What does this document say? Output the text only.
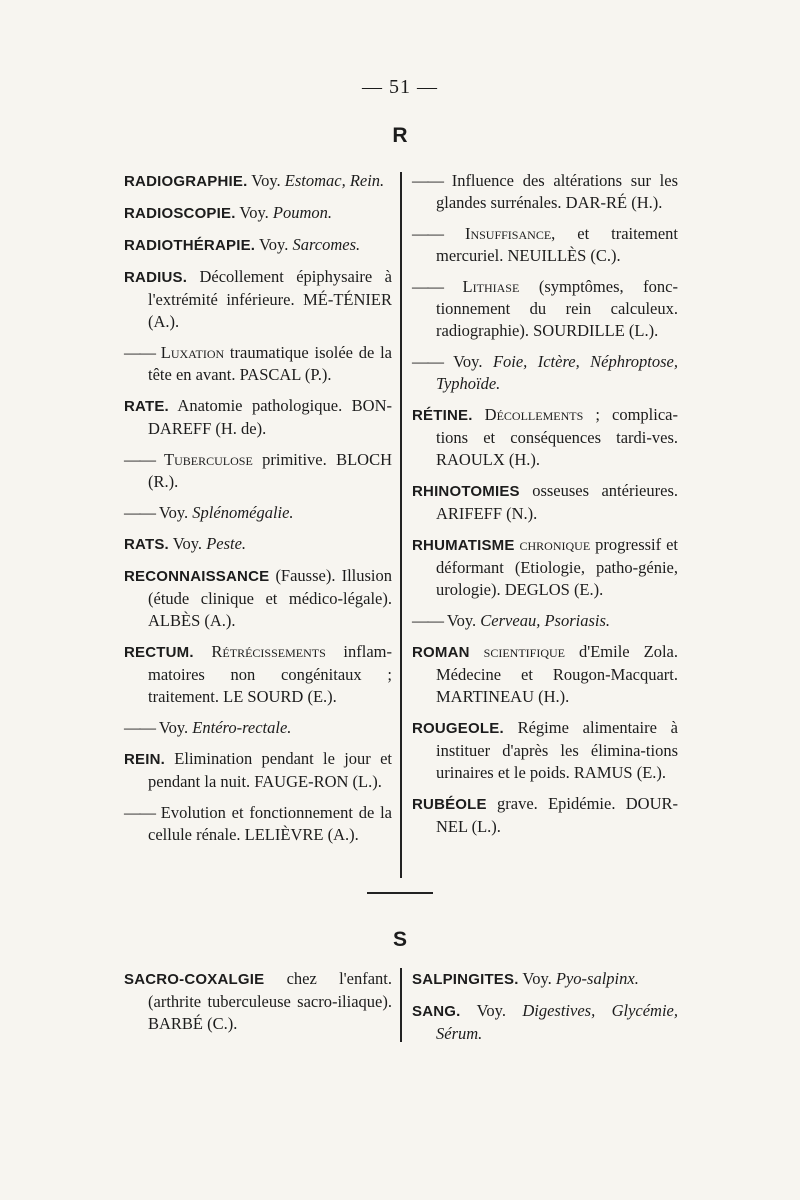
— 51 —
R
RADIOGRAPHIE. Voy. Estomac, Rein.
RADIOSCOPIE. Voy. Poumon.
RADIOTHÉRAPIE. Voy. Sarcomes.
RADIUS. Décollement épiphysaire à l'extrémité inférieure. MÉ-TÉNIER (A.).
—— Luxation traumatique isolée de la tête en avant. PASCAL (P.).
RATE. Anatomie pathologique. BON-DAREFF (H. de).
—— Tuberculose primitive. BLOCH (R.).
—— Voy. Splénomégalie.
RATS. Voy. Peste.
RECONNAISSANCE (Fausse). Illusion (étude clinique et médico-légale). ALBÈS (A.).
RECTUM. Rétrécissements inflam-matoires non congénitaux ; traitement. LE SOURD (E.).
—— Voy. Entéro-rectale.
REIN. Elimination pendant le jour et pendant la nuit. FAUGE-RON (L.).
—— Evolution et fonctionnement de la cellule rénale. LELIÈVRE (A.).
—— Influence des altérations sur les glandes surrénales. DAR-RÉ (H.).
—— Insuffisance, et traitement mercuriel. NEUILLÈS (C.).
—— Lithiase (symptômes, fonc-tionnement du rein calculeux. radiographie). SOURDILLE (L.).
—— Voy. Foie, Ictère, Néphroptose, Typhoïde.
RÉTINE. Décollements ; complica-tions et conséquences tardi-ves. RAOULX (H.).
RHINOTOMIES osseuses antérieures. ARIFEFF (N.).
RHUMATISME chronique progressif et déformant (Etiologie, patho-génie, urologie). DEGLOS (E.).
—— Voy. Cerveau, Psoriasis.
ROMAN scientifique d'Emile Zola. Médecine et Rougon-Macquart. MARTINEAU (H.).
ROUGEOLE. Régime alimentaire à instituer d'après les élimina-tions urinaires et le poids. RAMUS (E.).
RUBÉOLE grave. Epidémie. DOUR-NEL (L.).
S
SACRO-COXALGIE chez l'enfant. (arthrite tuberculeuse sacro-iliaque). BARBÉ (C.).
SALPINGITES. Voy. Pyo-salpinx.
SANG. Voy. Digestives, Glycémie, Sérum.
